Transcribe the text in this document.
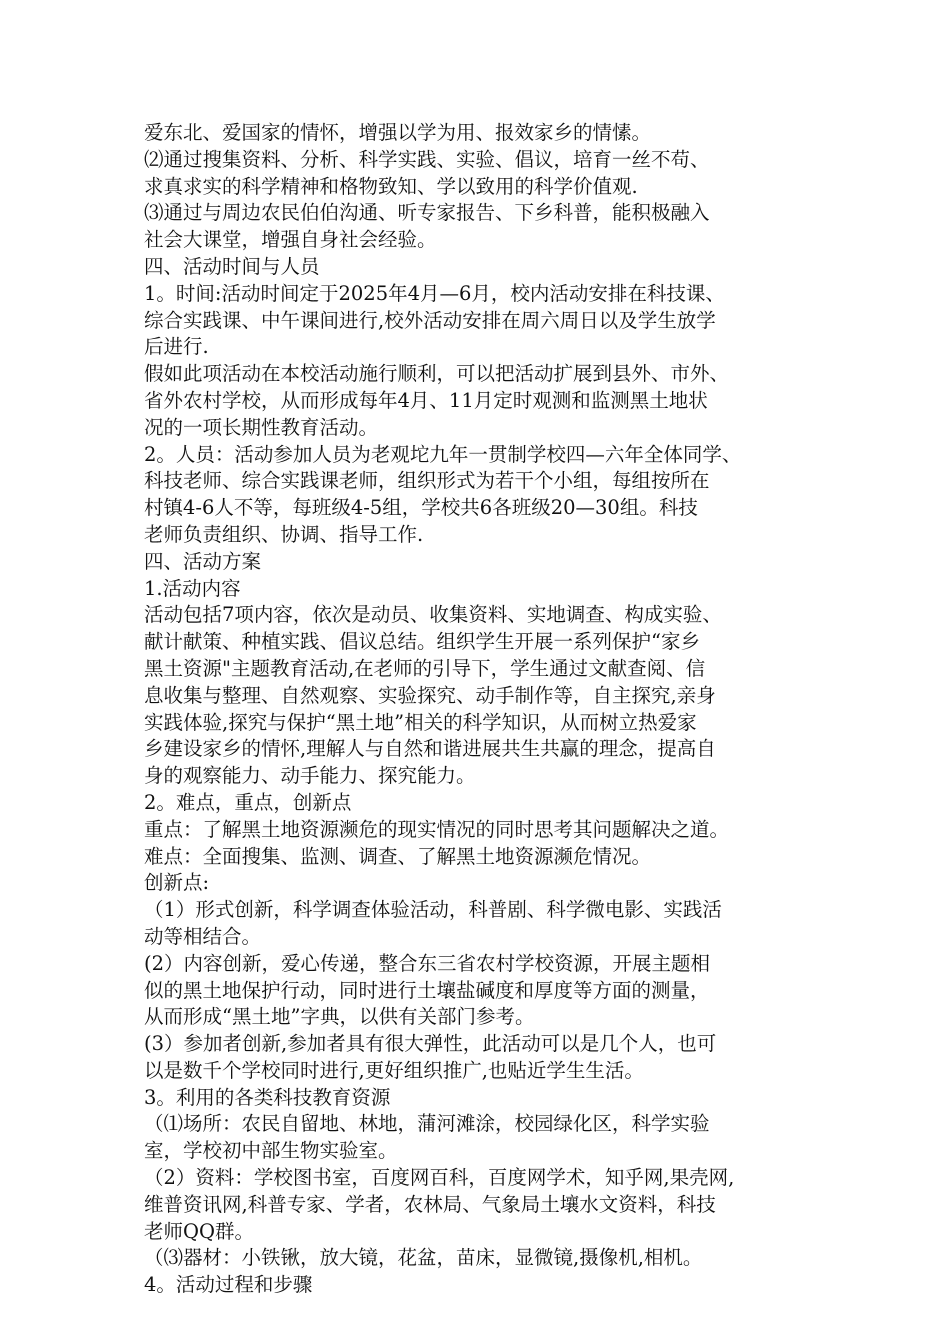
爱东北、爱国家的情怀，增强以学为用、报效家乡的情愫。
⑵通过搜集资料、分析、科学实践、实验、倡议，培育一丝不苟、
求真求实的科学精神和格物致知、学以致用的科学价值观.
⑶通过与周边农民伯伯沟通、听专家报告、下乡科普，能积极融入
社会大课堂，增强自身社会经验。
四、活动时间与人员
1。时间:活动时间定于2025年4月—6月，校内活动安排在科技课、
综合实践课、中午课间进行,校外活动安排在周六周日以及学生放学
后进行.
假如此项活动在本校活动施行顺利，可以把活动扩展到县外、市外、
省外农村学校，从而形成每年4月、11月定时观测和监测黑土地状
况的一项长期性教育活动。
2。人员：活动参加人员为老观坨九年一贯制学校四—六年全体同学、
科技老师、综合实践课老师，组织形式为若干个小组，每组按所在
村镇4-6人不等，每班级4-5组，学校共6各班级20—30组。科技
老师负责组织、协调、指导工作.
四、活动方案
1.活动内容
活动包括7项内容，依次是动员、收集资料、实地调查、构成实验、
献计献策、种植实践、倡议总结。组织学生开展一系列保护“家乡
黑土资源"主题教育活动,在老师的引导下，学生通过文献查阅、信
息收集与整理、自然观察、实验探究、动手制作等，自主探究,亲身
实践体验,探究与保护“黑土地”相关的科学知识，从而树立热爱家
乡建设家乡的情怀,理解人与自然和谐进展共生共赢的理念，提高自
身的观察能力、动手能力、探究能力。
2。难点，重点，创新点
重点：了解黑土地资源濒危的现实情况的同时思考其问题解决之道。
难点：全面搜集、监测、调查、了解黑土地资源濒危情况。
创新点:
（1）形式创新，科学调查体验活动，科普剧、科学微电影、实践活
动等相结合。
(2）内容创新，爱心传递，整合东三省农村学校资源，开展主题相
似的黑土地保护行动，同时进行土壤盐碱度和厚度等方面的测量，
从而形成“黑土地”字典，以供有关部门参考。
(3）参加者创新,参加者具有很大弹性，此活动可以是几个人，也可
以是数千个学校同时进行,更好组织推广,也贴近学生生活。
3。利用的各类科技教育资源
（⑴场所：农民自留地、林地，蒲河滩涂，校园绿化区，科学实验
室，学校初中部生物实验室。
（2）资料：学校图书室，百度网百科，百度网学术，知乎网,果壳网,
维普资讯网,科普专家、学者，农林局、气象局土壤水文资料，科技
老师QQ群。
（⑶器材：小铁锹，放大镜，花盆，苗床，显微镜,摄像机,相机。
4。活动过程和步骤
